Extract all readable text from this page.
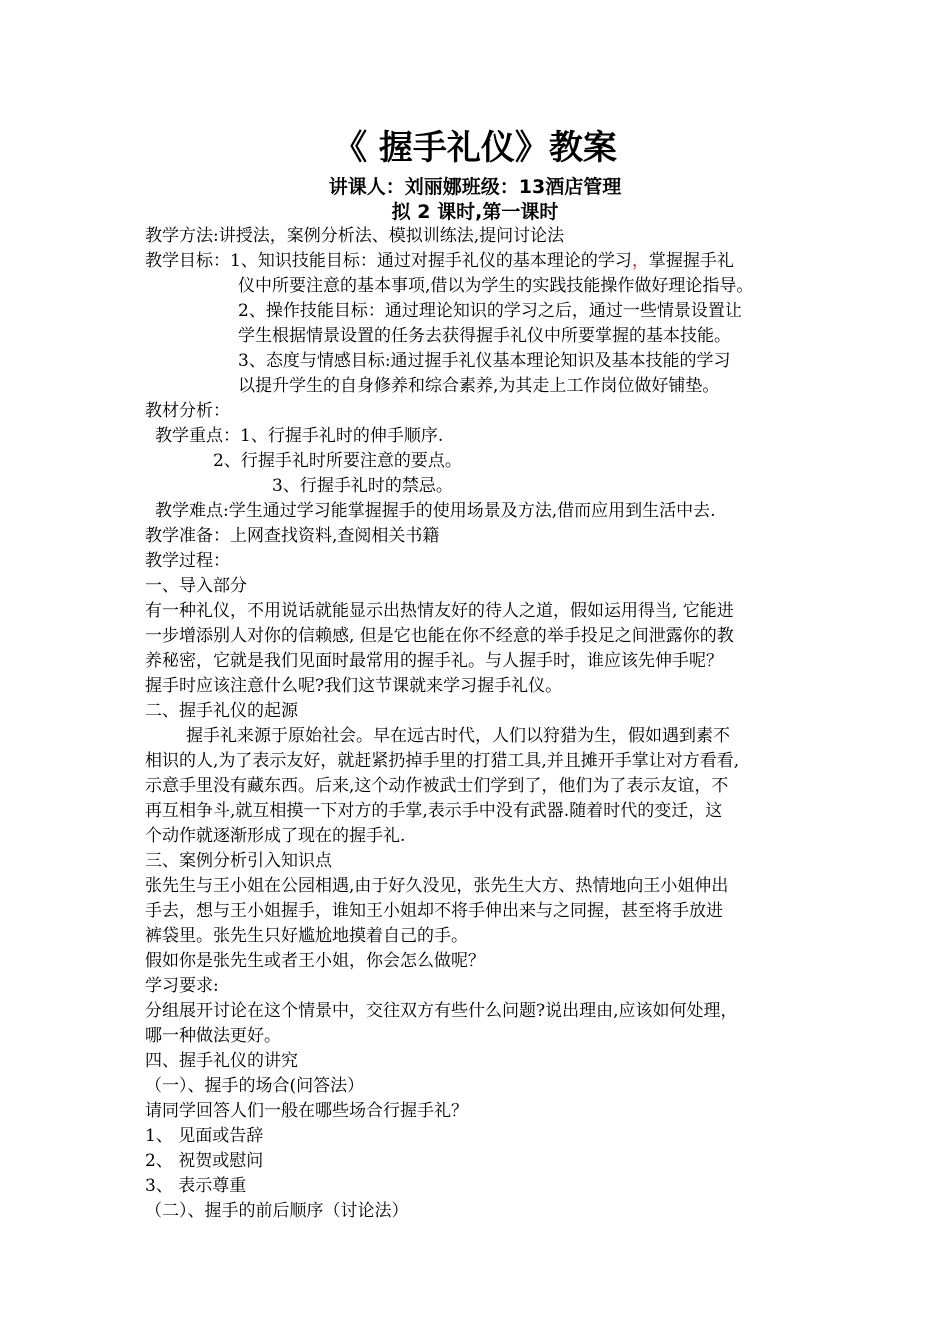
《 握手礼仪》教案
讲课人：刘丽娜班级：13酒店管理
拟 2 课时,第一课时
教学方法:讲授法，案例分析法、模拟训练法,提问讨论法
教学目标：1、知识技能目标：通过对握手礼仪的基本理论的学习，掌握握手礼
仪中所要注意的基本事项,借以为学生的实践技能操作做好理论指导。
2、操作技能目标：通过理论知识的学习之后，通过一些情景设置让
学生根据情景设置的任务去获得握手礼仪中所要掌握的基本技能。
3、态度与情感目标:通过握手礼仪基本理论知识及基本技能的学习
以提升学生的自身修养和综合素养,为其走上工作岗位做好铺垫。
教材分析：
教学重点：1、行握手礼时的伸手顺序.
2、行握手礼时所要注意的要点。
3、行握手礼时的禁忌。
教学难点:学生通过学习能掌握握手的使用场景及方法,借而应用到生活中去.
教学准备：上网查找资料,查阅相关书籍
教学过程：
一、导入部分
有一种礼仪，不用说话就能显示出热情友好的待人之道，假如运用得当, 它能进
一步增添别人对你的信赖感, 但是它也能在你不经意的举手投足之间泄露你的教
养秘密，它就是我们见面时最常用的握手礼。与人握手时，谁应该先伸手呢？
握手时应该注意什么呢?我们这节课就来学习握手礼仪。
二、握手礼仪的起源
握手礼来源于原始社会。早在远古时代，人们以狩猎为生，假如遇到素不
相识的人,为了表示友好，就赶紧扔掉手里的打猎工具,并且摊开手掌让对方看看,
示意手里没有藏东西。后来,这个动作被武士们学到了，他们为了表示友谊，不
再互相争斗,就互相摸一下对方的手掌,表示手中没有武器.随着时代的变迁，这
个动作就逐渐形成了现在的握手礼.
三、案例分析引入知识点
张先生与王小姐在公园相遇,由于好久没见，张先生大方、热情地向王小姐伸出
手去，想与王小姐握手，谁知王小姐却不将手伸出来与之同握，甚至将手放进
裤袋里。张先生只好尴尬地摸着自己的手。
假如你是张先生或者王小姐，你会怎么做呢？
学习要求:
分组展开讨论在这个情景中，交往双方有些什么问题?说出理由,应该如何处理，
哪一种做法更好。
四、握手礼仪的讲究
（一）、握手的场合(问答法）
请同学回答人们一般在哪些场合行握手礼？
1、 见面或告辞
2、 祝贺或慰问
3、 表示尊重
（二）、握手的前后顺序（讨论法）
